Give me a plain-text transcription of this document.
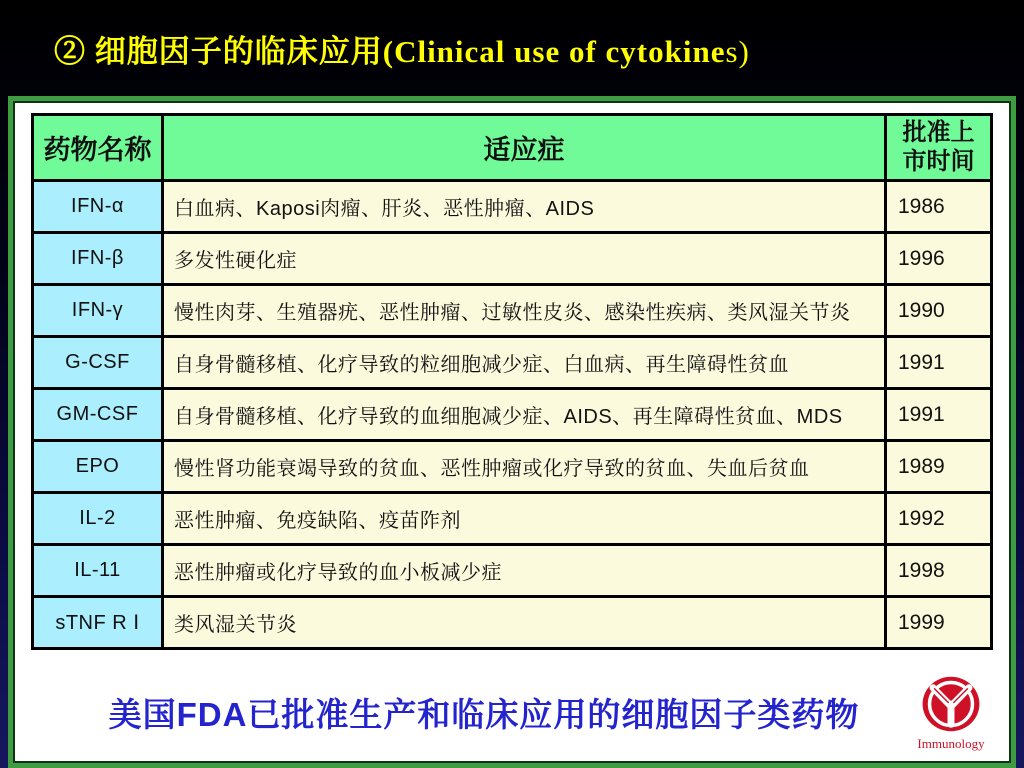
② 细胞因子的临床应用(Clinical use of cytokines)
药物名称	适应症	批准上
市时间
IFN-α	白血病、Kaposi肉瘤、肝炎、恶性肿瘤、AIDS	1986
IFN-β	多发性硬化症	1996
IFN-γ	慢性肉芽、生殖器疣、恶性肿瘤、过敏性皮炎、感染性疾病、类风湿关节炎	1990
G-CSF	自身骨髓移植、化疗导致的粒细胞减少症、白血病、再生障碍性贫血	1991
GM-CSF	自身骨髓移植、化疗导致的血细胞减少症、AIDS、再生障碍性贫血、MDS	1991
EPO	慢性肾功能衰竭导致的贫血、恶性肿瘤或化疗导致的贫血、失血后贫血	1989
IL-2	恶性肿瘤、免疫缺陷、疫苗阼剂	1992
IL-11	恶性肿瘤或化疗导致的血小板减少症	1998
sTNF R Ⅰ	类风湿关节炎	1999
美国FDA已批准生产和临床应用的细胞因子类药物
Immunology
